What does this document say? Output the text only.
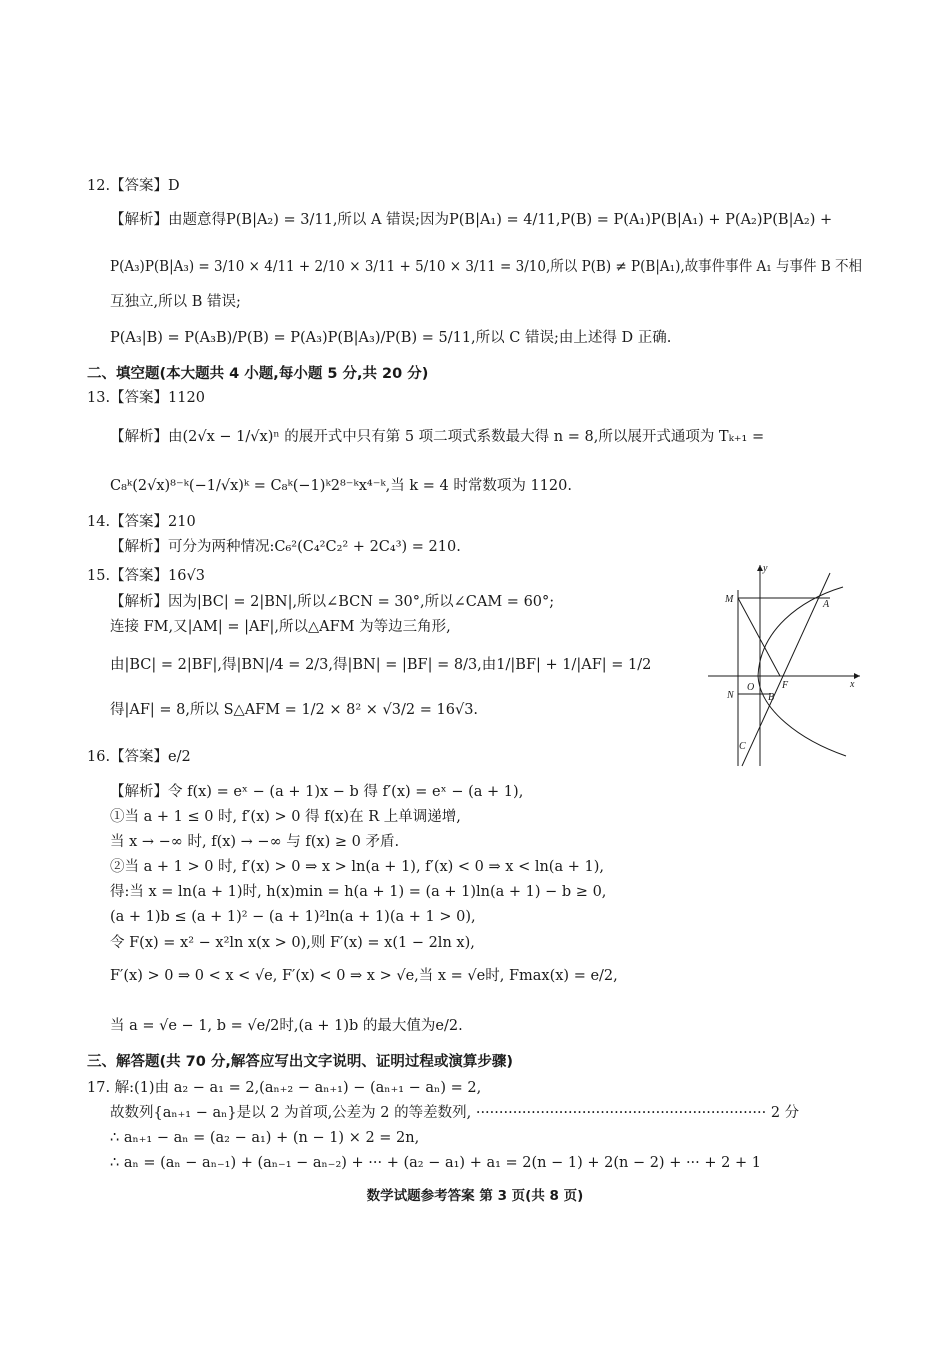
12.【答案】D
【解析】由题意得P(B|A₂) = 3/11,所以 A 错误;因为P(B|A₁) = 4/11,P(B) = P(A₁)P(B|A₁) + P(A₂)P(B|A₂) +
P(A₃)P(B|A₃) = 3/10 × 4/11 + 2/10 × 3/11 + 5/10 × 3/11 = 3/10,所以 P(B) ≠ P(B|A₁),故事件事件 A₁ 与事件 B 不相
互独立,所以 B 错误;
P(A₃|B) = P(A₃B)/P(B) = P(A₃)P(B|A₃)/P(B) = 5/11,所以 C 错误;由上述得 D 正确.
二、填空题(本大题共 4 小题,每小题 5 分,共 20 分)
13.【答案】1120
【解析】由(2√x − 1/√x)ⁿ 的展开式中只有第 5 项二项式系数最大得 n = 8,所以展开式通项为 Tₖ₊₁ =
C₈ᵏ(2√x)⁸⁻ᵏ(−1/√x)ᵏ = C₈ᵏ(−1)ᵏ2⁸⁻ᵏx⁴⁻ᵏ,当 k = 4 时常数项为 1120.
14.【答案】210
【解析】可分为两种情况:C₆²(C₄²C₂² + 2C₄³) = 210.
15.【答案】16√3
【解析】因为|BC| = 2|BN|,所以∠BCN = 30°,所以∠CAM = 60°;
连接 FM,又|AM| = |AF|,所以△AFM 为等边三角形,
由|BC| = 2|BF|,得|BN|/4 = 2/3,得|BN| = |BF| = 8/3,由1/|BF| + 1/|AF| = 1/2
得|AF| = 8,所以 S△AFM = 1/2 × 8² × √3/2 = 16√3.
y
x
M	A
O	F
N	B
C
16.【答案】e/2
【解析】令 f(x) = eˣ − (a + 1)x − b 得 f′(x) = eˣ − (a + 1),
①当 a + 1 ≤ 0 时, f′(x) > 0 得 f(x)在 R 上单调递增,
当 x → −∞ 时, f(x) → −∞ 与 f(x) ≥ 0 矛盾.
②当 a + 1 > 0 时, f′(x) > 0 ⇒ x > ln(a + 1), f′(x) < 0 ⇒ x < ln(a + 1),
得:当 x = ln(a + 1)时, h(x)min = h(a + 1) = (a + 1)ln(a + 1) − b ≥ 0,
(a + 1)b ≤ (a + 1)² − (a + 1)²ln(a + 1)(a + 1 > 0),
令 F(x) = x² − x²ln x(x > 0),则 F′(x) = x(1 − 2ln x),
F′(x) > 0 ⇒ 0 < x < √e, F′(x) < 0 ⇒ x > √e,当 x = √e时, Fmax(x) = e/2,
当 a = √e − 1, b = √e/2时,(a + 1)b 的最大值为e/2.
三、解答题(共 70 分,解答应写出文字说明、证明过程或演算步骤)
17. 解:(1)由 a₂ − a₁ = 2,(aₙ₊₂ − aₙ₊₁) − (aₙ₊₁ − aₙ) = 2,
故数列{aₙ₊₁ − aₙ}是以 2 为首项,公差为 2 的等差数列, ······························································· 2 分
∴ aₙ₊₁ − aₙ = (a₂ − a₁) + (n − 1) × 2 = 2n,
∴ aₙ = (aₙ − aₙ₋₁) + (aₙ₋₁ − aₙ₋₂) + ··· + (a₂ − a₁) + a₁ = 2(n − 1) + 2(n − 2) + ··· + 2 + 1
数学试题参考答案 第 3 页(共 8 页)
